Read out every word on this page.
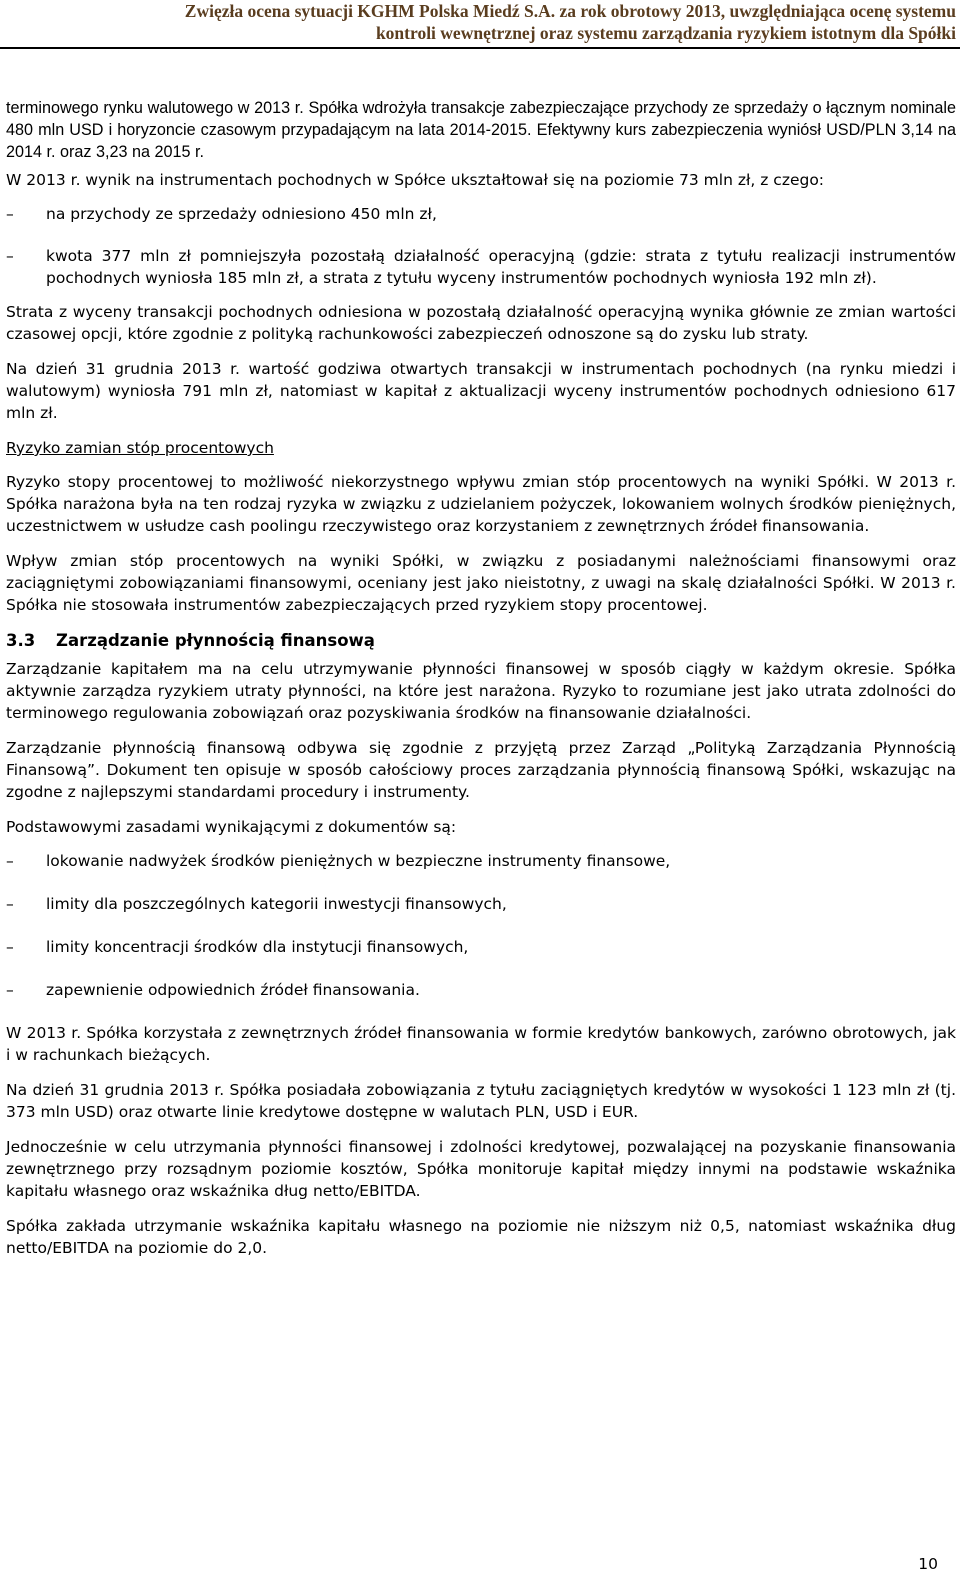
Zwięzła ocena sytuacji KGHM Polska Miedź S.A. za rok obrotowy 2013, uwzględniająca ocenę systemu
kontroli wewnętrznej oraz systemu zarządzania ryzykiem istotnym dla Spółki

terminowego rynku walutowego w 2013 r. Spółka wdrożyła transakcje zabezpieczające przychody ze sprzedaży o łącznym nominale 480 mln USD i horyzoncie czasowym przypadającym na lata 2014-2015. Efektywny kurs zabezpieczenia wyniósł USD/PLN 3,14 na 2014 r. oraz 3,23 na 2015 r.

W 2013 r. wynik na instrumentach pochodnych w Spółce ukształtował się na poziomie 73 mln zł, z czego:

– na przychody ze sprzedaży odniesiono 450 mln zł,
– kwota 377 mln zł pomniejszyła pozostałą działalność operacyjną (gdzie: strata z tytułu realizacji instrumentów pochodnych wyniosła 185 mln zł, a strata z tytułu wyceny instrumentów pochodnych wyniosła 192 mln zł).

Strata z wyceny transakcji pochodnych odniesiona w pozostałą działalność operacyjną wynika głównie ze zmian wartości czasowej opcji, które zgodnie z polityką rachunkowości zabezpieczeń odnoszone są do zysku lub straty.

Na dzień 31 grudnia 2013 r. wartość godziwa otwartych transakcji w instrumentach pochodnych (na rynku miedzi i walutowym) wyniosła 791 mln zł, natomiast w kapitał z aktualizacji wyceny instrumentów pochodnych odniesiono 617 mln zł.

Ryzyko zamian stóp procentowych

Ryzyko stopy procentowej to możliwość niekorzystnego wpływu zmian stóp procentowych na wyniki Spółki. W 2013 r. Spółka narażona była na ten rodzaj ryzyka w związku z udzielaniem pożyczek, lokowaniem wolnych środków pieniężnych, uczestnictwem w usłudze cash poolingu rzeczywistego oraz korzystaniem z zewnętrznych źródeł finansowania.

Wpływ zmian stóp procentowych na wyniki Spółki, w związku z posiadanymi należnościami finansowymi oraz zaciągniętymi zobowiązaniami finansowymi, oceniany jest jako nieistotny, z uwagi na skalę działalności Spółki. W 2013 r. Spółka nie stosowała instrumentów zabezpieczających przed ryzykiem stopy procentowej.

3.3 Zarządzanie płynnością finansową

Zarządzanie kapitałem ma na celu utrzymywanie płynności finansowej w sposób ciągły w każdym okresie. Spółka aktywnie zarządza ryzykiem utraty płynności, na które jest narażona. Ryzyko to rozumiane jest jako utrata zdolności do terminowego regulowania zobowiązań oraz pozyskiwania środków na finansowanie działalności.

Zarządzanie płynnością finansową odbywa się zgodnie z przyjętą przez Zarząd „Polityką Zarządzania Płynnością Finansową”. Dokument ten opisuje w sposób całościowy proces zarządzania płynnością finansową Spółki, wskazując na zgodne z najlepszymi standardami procedury i instrumenty.

Podstawowymi zasadami wynikającymi z dokumentów są:

– lokowanie nadwyżek środków pieniężnych w bezpieczne instrumenty finansowe,
– limity dla poszczególnych kategorii inwestycji finansowych,
– limity koncentracji środków dla instytucji finansowych,
– zapewnienie odpowiednich źródeł finansowania.

W 2013 r. Spółka korzystała z zewnętrznych źródeł finansowania w formie kredytów bankowych, zarówno obrotowych, jak i w rachunkach bieżących.

Na dzień 31 grudnia 2013 r. Spółka posiadała zobowiązania z tytułu zaciągniętych kredytów w wysokości 1 123 mln zł (tj. 373 mln USD) oraz otwarte linie kredytowe dostępne w walutach PLN, USD i EUR.

Jednocześnie w celu utrzymania płynności finansowej i zdolności kredytowej, pozwalającej na pozyskanie finansowania zewnętrznego przy rozsądnym poziomie kosztów, Spółka monitoruje kapitał między innymi na podstawie wskaźnika kapitału własnego oraz wskaźnika dług netto/EBITDA.

Spółka zakłada utrzymanie wskaźnika kapitału własnego na poziomie nie niższym niż 0,5, natomiast wskaźnika dług netto/EBITDA na poziomie do 2,0.

10
